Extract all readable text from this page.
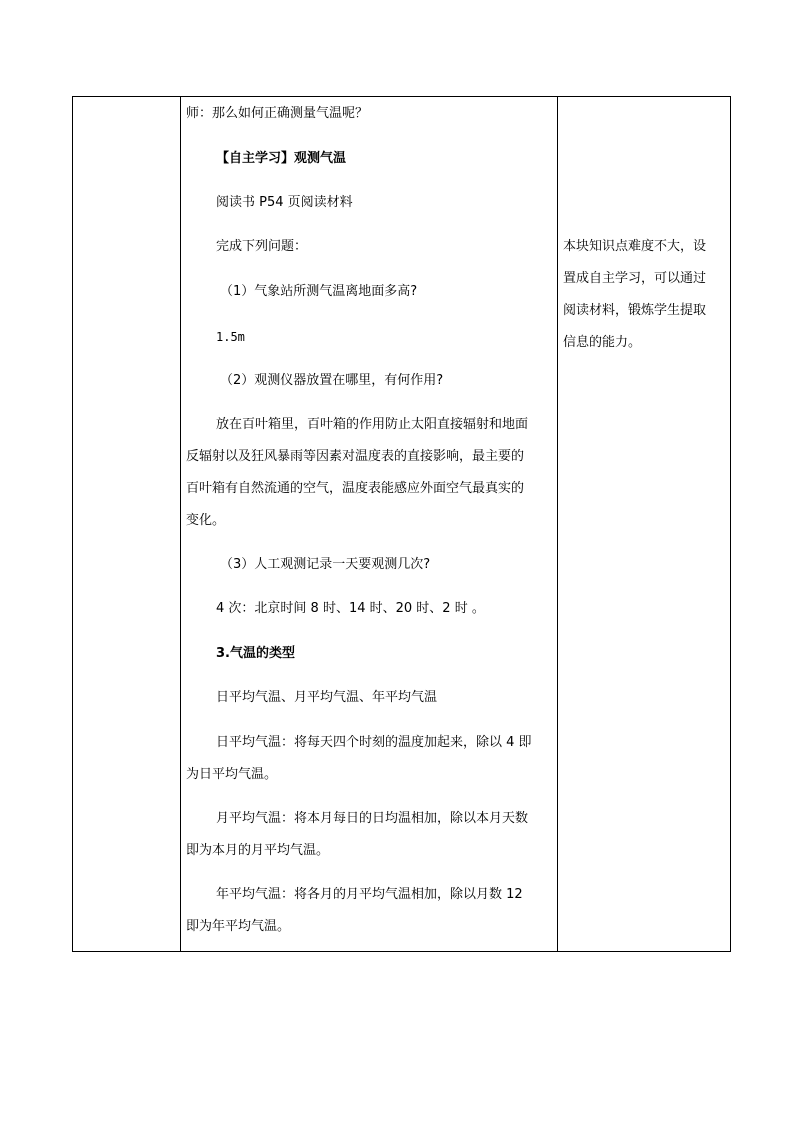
师：那么如何正确测量气温呢？
【自主学习】观测气温
阅读书 P54 页阅读材料
完成下列问题：
（1）气象站所测气温离地面多高?
1.5m
（2）观测仪器放置在哪里，有何作用?
放在百叶箱里，百叶箱的作用防止太阳直接辐射和地面
反辐射以及狂风暴雨等因素对温度表的直接影响，最主要的
百叶箱有自然流通的空气，温度表能感应外面空气最真实的
变化。
（3）人工观测记录一天要观测几次?
4 次：北京时间 8 时、14 时、20 时、2 时 。
3.气温的类型
日平均气温、月平均气温、年平均气温
日平均气温：将每天四个时刻的温度加起来，除以 4 即
为日平均气温。
月平均气温：将本月每日的日均温相加，除以本月天数
即为本月的月平均气温。
年平均气温：将各月的月平均气温相加，除以月数 12
即为年平均气温。
本块知识点难度不大，设
置成自主学习，可以通过
阅读材料，锻炼学生提取
信息的能力。
